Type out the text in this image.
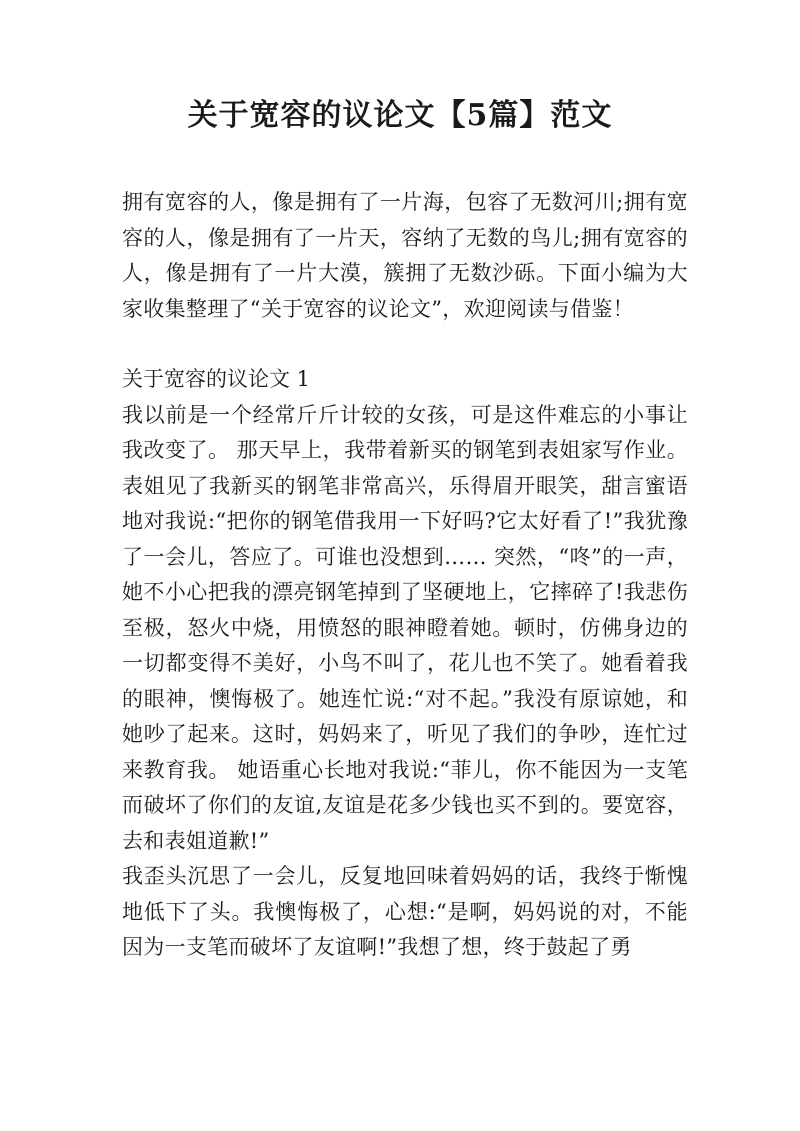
关于宽容的议论文【5篇】范文

拥有宽容的人，像是拥有了一片海，包容了无数河川;拥有宽容的人，像是拥有了一片天，容纳了无数的鸟儿;拥有宽容的人，像是拥有了一片大漠，簇拥了无数沙砾。下面小编为大家收集整理了“关于宽容的议论文”，欢迎阅读与借鉴！

关于宽容的议论文 1

我以前是一个经常斤斤计较的女孩，可是这件难忘的小事让我改变了。 那天早上，我带着新买的钢笔到表姐家写作业。表姐见了我新买的钢笔非常高兴，乐得眉开眼笑，甜言蜜语地对我说:“把你的钢笔借我用一下好吗?它太好看了!”我犹豫了一会儿，答应了。可谁也没想到…… 突然，“咚”的一声，她不小心把我的漂亮钢笔掉到了坚硬地上，它摔碎了!我悲伤至极，怒火中烧，用愤怒的眼神瞪着她。顿时，仿佛身边的一切都变得不美好，小鸟不叫了，花儿也不笑了。她看着我的眼神，懊悔极了。她连忙说:“对不起。”我没有原谅她，和她吵了起来。这时，妈妈来了，听见了我们的争吵，连忙过来教育我。 她语重心长地对我说:“菲儿，你不能因为一支笔而破坏了你们的友谊,友谊是花多少钱也买不到的。要宽容，去和表姐道歉!”

我歪头沉思了一会儿，反复地回味着妈妈的话，我终于惭愧地低下了头。我懊悔极了，心想:“是啊，妈妈说的对，不能因为一支笔而破坏了友谊啊!”我想了想，终于鼓起了勇
